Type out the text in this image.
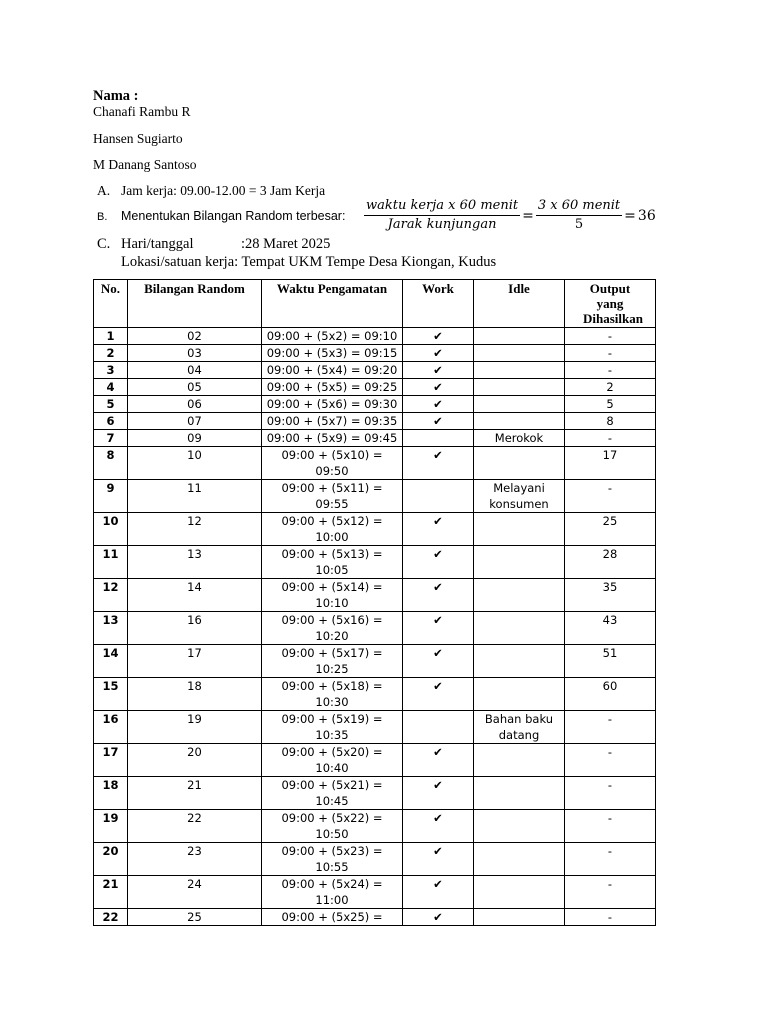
Nama :
Chanafi Rambu R
Hansen Sugiarto
M Danang Santoso
A. Jam kerja: 09.00-12.00 = 3 Jam Kerja
B. Menentukan Bilangan Random terbesar: $\frac{\text{waktu kerja x 60 menit}}{\text{Jarak kunjungan}} = \frac{\text{3 x 60 menit}}{5} = 36$
C. Hari/tanggal	:28 Maret 2025
Lokasi/satuan kerja: Tempat UKM Tempe Desa Kiongan, Kudus
No.	Bilangan Random	Waktu Pengamatan	Work	Idle	Output yang Dihasilkan
1	02	09:00 + (5x2) = 09:10	✔		-
2	03	09:00 + (5x3) = 09:15	✔		-
3	04	09:00 + (5x4) = 09:20	✔		-
4	05	09:00 + (5x5) = 09:25	✔		2
5	06	09:00 + (5x6) = 09:30	✔		5
6	07	09:00 + (5x7) = 09:35	✔		8
7	09	09:00 + (5x9) = 09:45		Merokok	-
8	10	09:00 + (5x10) = 09:50	✔		17
9	11	09:00 + (5x11) = 09:55		Melayani konsumen	-
10	12	09:00 + (5x12) = 10:00	✔		25
11	13	09:00 + (5x13) = 10:05	✔		28
12	14	09:00 + (5x14) = 10:10	✔		35
13	16	09:00 + (5x16) = 10:20	✔		43
14	17	09:00 + (5x17) = 10:25	✔		51
15	18	09:00 + (5x18) = 10:30	✔		60
16	19	09:00 + (5x19) = 10:35		Bahan baku datang	-
17	20	09:00 + (5x20) = 10:40	✔		-
18	21	09:00 + (5x21) = 10:45	✔		-
19	22	09:00 + (5x22) = 10:50	✔		-
20	23	09:00 + (5x23) = 10:55	✔		-
21	24	09:00 + (5x24) = 11:00	✔		-
22	25	09:00 + (5x25) =	✔		-
